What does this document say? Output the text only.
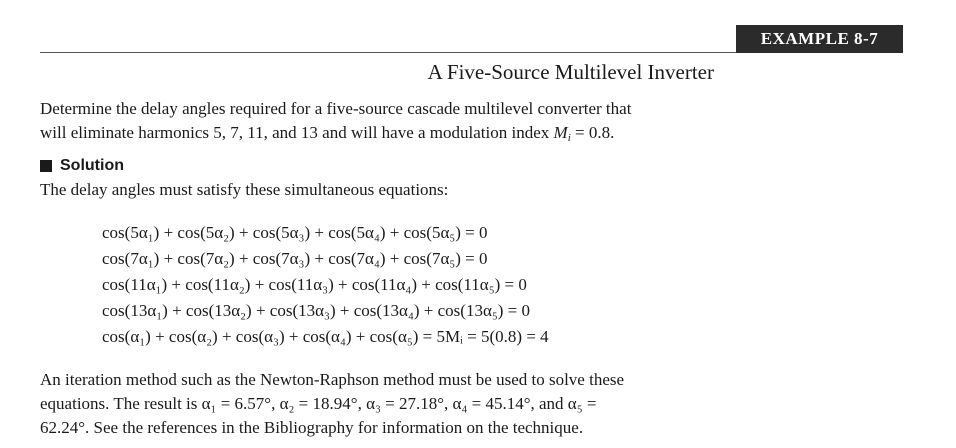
EXAMPLE 8-7
A Five-Source Multilevel Inverter
Determine the delay angles required for a five-source cascade multilevel converter that
will eliminate harmonics 5, 7, 11, and 13 and will have a modulation index $M_i = 0.8$.
Solution
The delay angles must satisfy these simultaneous equations:
cos(5α₁) + cos(5α₂) + cos(5α₃) + cos(5α₄) + cos(5α₅) = 0
cos(7α₁) + cos(7α₂) + cos(7α₃) + cos(7α₄) + cos(7α₅) = 0
cos(11α₁) + cos(11α₂) + cos(11α₃) + cos(11α₄) + cos(11α₅) = 0
cos(13α₁) + cos(13α₂) + cos(13α₃) + cos(13α₄) + cos(13α₅) = 0
cos(α₁) + cos(α₂) + cos(α₃) + cos(α₄) + cos(α₅) = 5Mᵢ = 5(0.8) = 4
An iteration method such as the Newton-Raphson method must be used to solve these
equations. The result is α₁ = 6.57°, α₂ = 18.94°, α₃ = 27.18°, α₄ = 45.14°, and α₅ =
62.24°. See the references in the Bibliography for information on the technique.
